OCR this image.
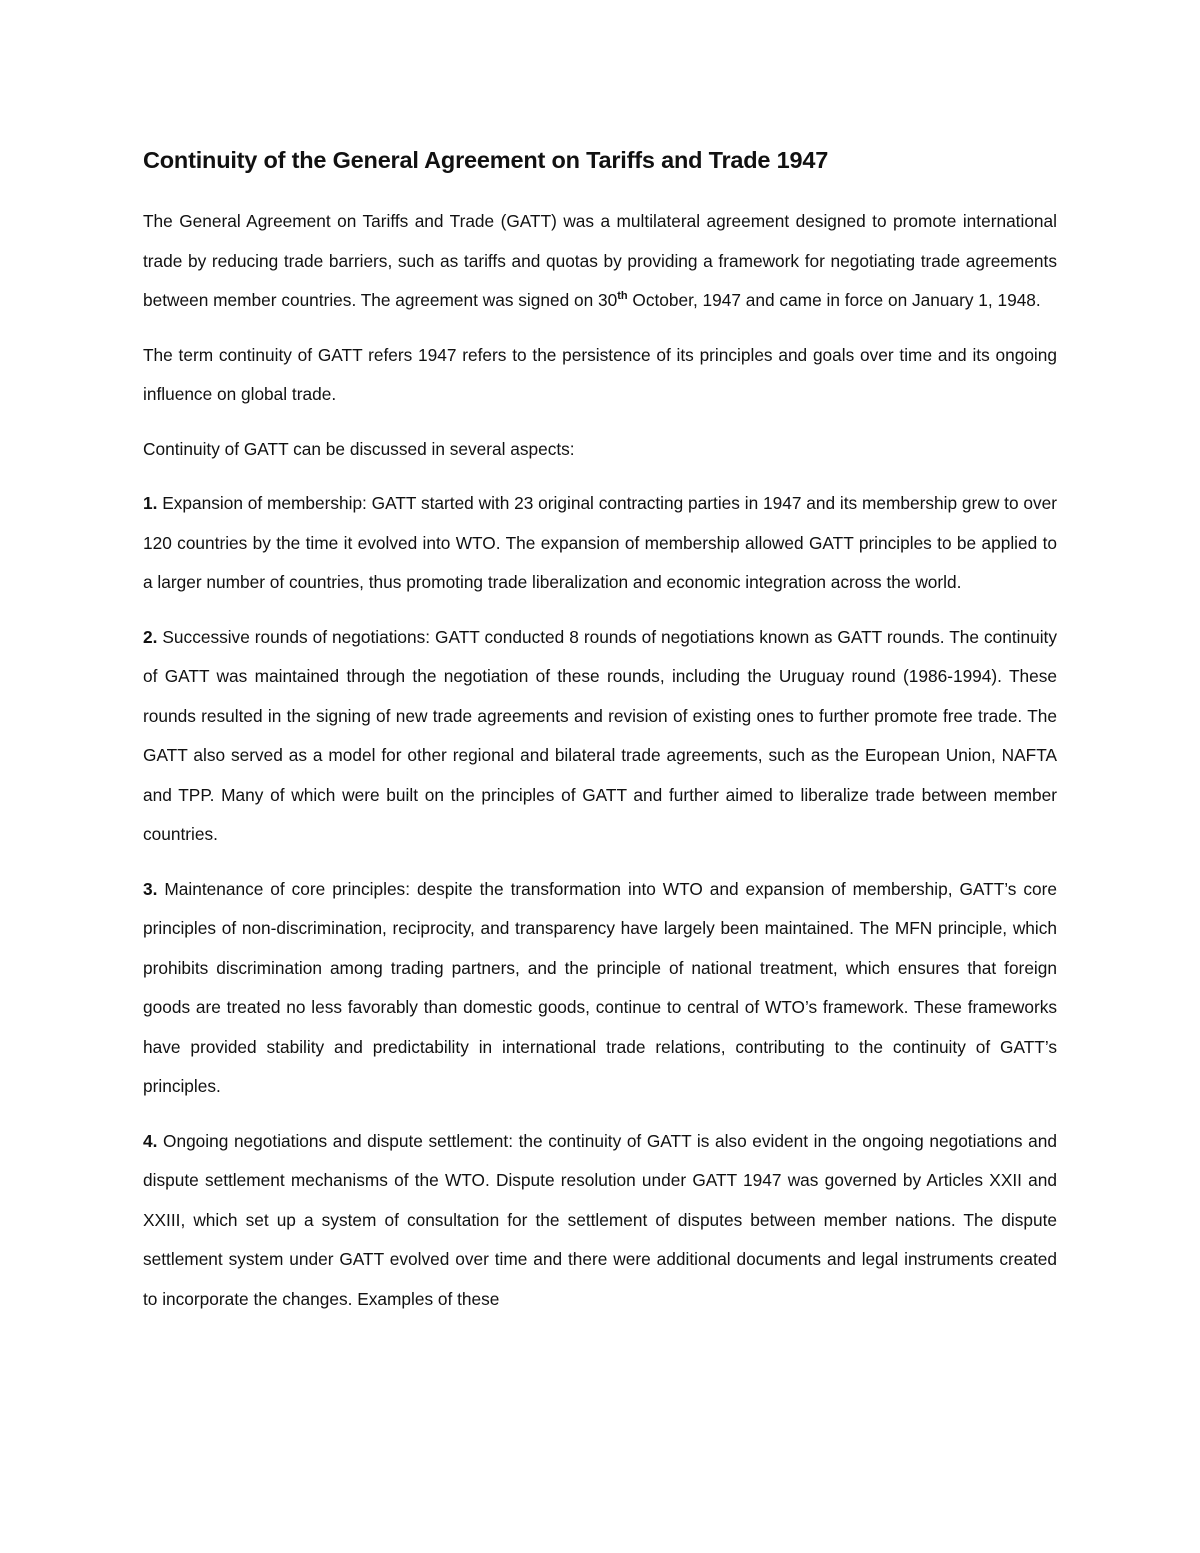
Continuity of the General Agreement on Tariffs and Trade 1947

The General Agreement on Tariffs and Trade (GATT) was a multilateral agreement designed to promote international trade by reducing trade barriers, such as tariffs and quotas by providing a framework for negotiating trade agreements between member countries. The agreement was signed on 30th October, 1947 and came in force on January 1, 1948.

The term continuity of GATT refers 1947 refers to the persistence of its principles and goals over time and its ongoing influence on global trade.

Continuity of GATT can be discussed in several aspects:

1. Expansion of membership: GATT started with 23 original contracting parties in 1947 and its membership grew to over 120 countries by the time it evolved into WTO. The expansion of membership allowed GATT principles to be applied to a larger number of countries, thus promoting trade liberalization and economic integration across the world.

2. Successive rounds of negotiations: GATT conducted 8 rounds of negotiations known as GATT rounds. The continuity of GATT was maintained through the negotiation of these rounds, including the Uruguay round (1986-1994). These rounds resulted in the signing of new trade agreements and revision of existing ones to further promote free trade. The GATT also served as a model for other regional and bilateral trade agreements, such as the European Union, NAFTA and TPP. Many of which were built on the principles of GATT and further aimed to liberalize trade between member countries.

3. Maintenance of core principles: despite the transformation into WTO and expansion of membership, GATT’s core principles of non-discrimination, reciprocity, and transparency have largely been maintained. The MFN principle, which prohibits discrimination among trading partners, and the principle of national treatment, which ensures that foreign goods are treated no less favorably than domestic goods, continue to central of WTO’s framework. These frameworks have provided stability and predictability in international trade relations, contributing to the continuity of GATT’s principles.

4. Ongoing negotiations and dispute settlement: the continuity of GATT is also evident in the ongoing negotiations and dispute settlement mechanisms of the WTO. Dispute resolution under GATT 1947 was governed by Articles XXII and XXIII, which set up a system of consultation for the settlement of disputes between member nations. The dispute settlement system under GATT evolved over time and there were additional documents and legal instruments created to incorporate the changes. Examples of these
